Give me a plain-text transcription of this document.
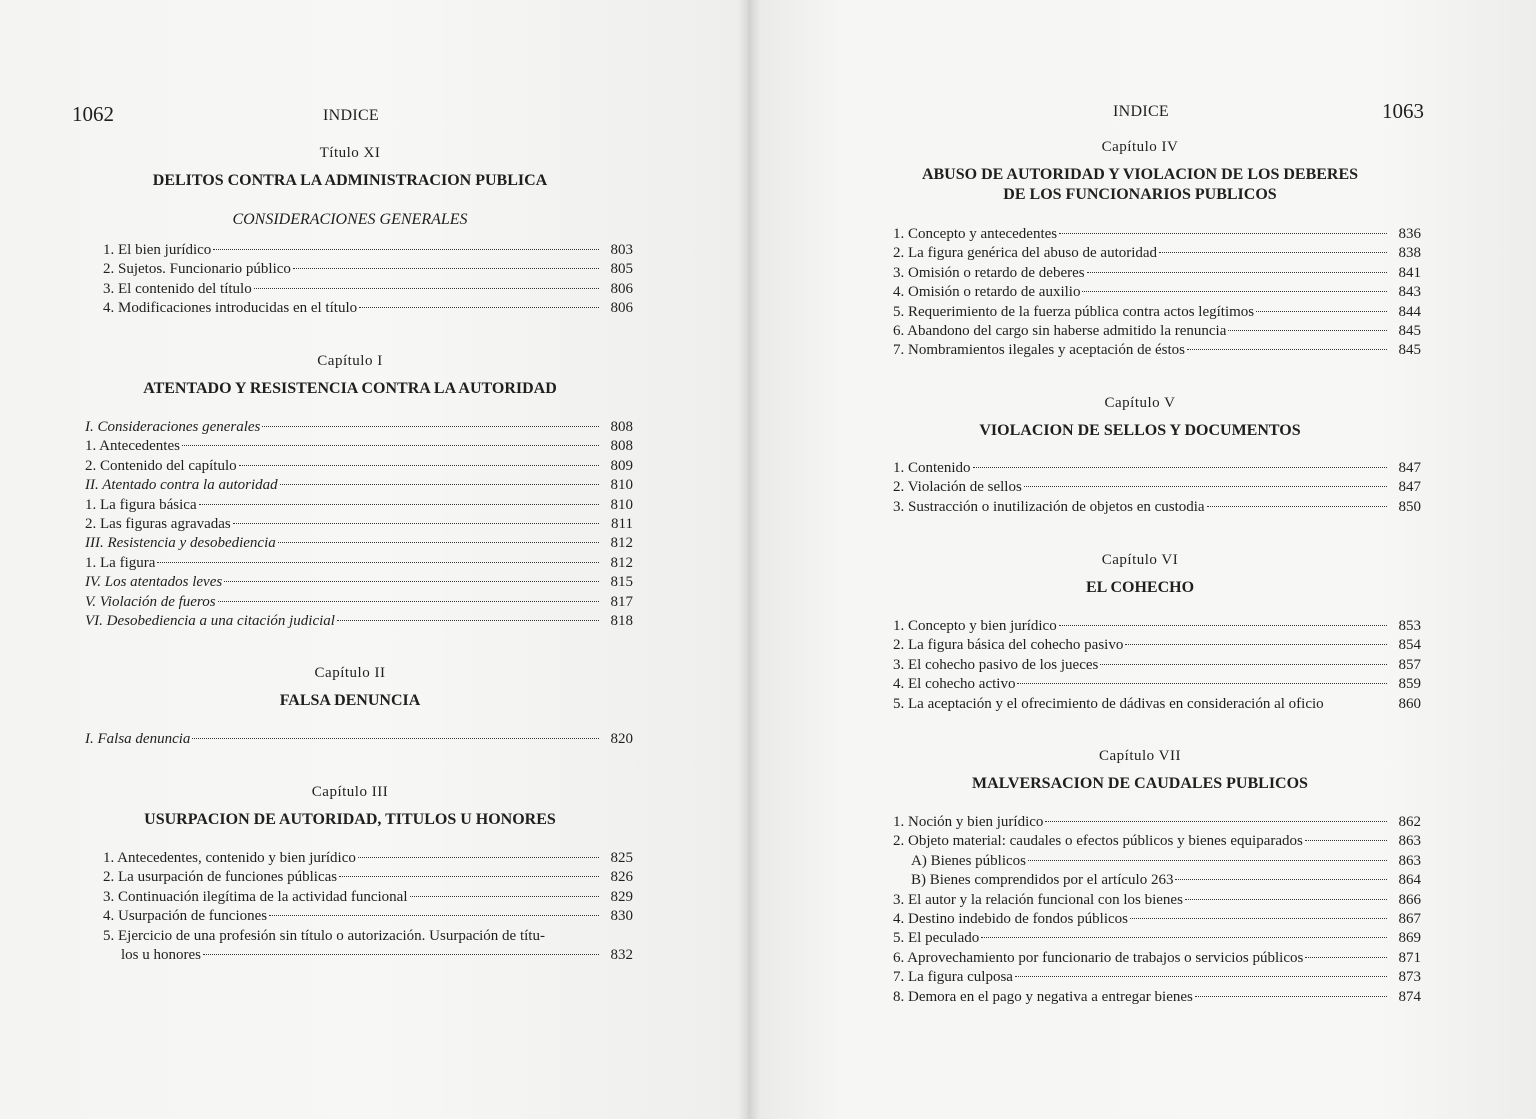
1062	INDICE
Título XI
DELITOS CONTRA LA ADMINISTRACION PUBLICA
CONSIDERACIONES GENERALES
1. El bien jurídico	803
2. Sujetos. Funcionario público	805
3. El contenido del título	806
4. Modificaciones introducidas en el título	806
Capítulo I
ATENTADO Y RESISTENCIA CONTRA LA AUTORIDAD
I. Consideraciones generales	808
1. Antecedentes	808
2. Contenido del capítulo	809
II. Atentado contra la autoridad	810
1. La figura básica	810
2. Las figuras agravadas	811
III. Resistencia y desobediencia	812
1. La figura	812
IV. Los atentados leves	815
V. Violación de fueros	817
VI. Desobediencia a una citación judicial	818
Capítulo II
FALSA DENUNCIA
I. Falsa denuncia	820
Capítulo III
USURPACION DE AUTORIDAD, TITULOS U HONORES
1. Antecedentes, contenido y bien jurídico	825
2. La usurpación de funciones públicas	826
3. Continuación ilegítima de la actividad funcional	829
4. Usurpación de funciones	830
5. Ejercicio de una profesión sin título o autorización. Usurpación de títu-
los u honores	832
INDICE	1063
Capítulo IV
ABUSO DE AUTORIDAD Y VIOLACION DE LOS DEBERES
DE LOS FUNCIONARIOS PUBLICOS
1. Concepto y antecedentes	836
2. La figura genérica del abuso de autoridad	838
3. Omisión o retardo de deberes	841
4. Omisión o retardo de auxilio	843
5. Requerimiento de la fuerza pública contra actos legítimos	844
6. Abandono del cargo sin haberse admitido la renuncia	845
7. Nombramientos ilegales y aceptación de éstos	845
Capítulo V
VIOLACION DE SELLOS Y DOCUMENTOS
1. Contenido	847
2. Violación de sellos	847
3. Sustracción o inutilización de objetos en custodia	850
Capítulo VI
EL COHECHO
1. Concepto y bien jurídico	853
2. La figura básica del cohecho pasivo	854
3. El cohecho pasivo de los jueces	857
4. El cohecho activo	859
5. La aceptación y el ofrecimiento de dádivas en consideración al oficio	860
Capítulo VII
MALVERSACION DE CAUDALES PUBLICOS
1. Noción y bien jurídico	862
2. Objeto material: caudales o efectos públicos y bienes equiparados	863
A) Bienes públicos	863
B) Bienes comprendidos por el artículo 263	864
3. El autor y la relación funcional con los bienes	866
4. Destino indebido de fondos públicos	867
5. El peculado	869
6. Aprovechamiento por funcionario de trabajos o servicios públicos	871
7. La figura culposa	873
8. Demora en el pago y negativa a entregar bienes	874
